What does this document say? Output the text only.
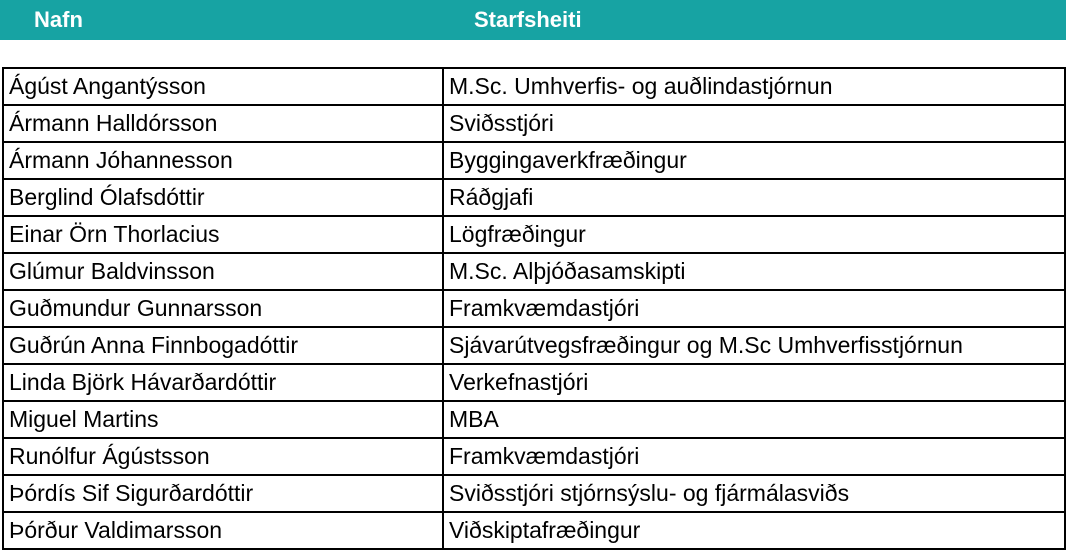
Nafn	Starfsheiti
Ágúst Angantýsson	M.Sc. Umhverfis- og auðlindastjórnun
Ármann Halldórsson	Sviðsstjóri
Ármann Jóhannesson	Byggingaverkfræðingur
Berglind Ólafsdóttir	Ráðgjafi
Einar Örn Thorlacius	Lögfræðingur
Glúmur Baldvinsson	M.Sc. Alþjóðasamskipti
Guðmundur Gunnarsson	Framkvæmdastjóri
Guðrún Anna Finnbogadóttir	Sjávarútvegsfræðingur og M.Sc Umhverfisstjórnun
Linda Björk Hávarðardóttir	Verkefnastjóri
Miguel Martins	MBA
Runólfur Ágústsson	Framkvæmdastjóri
Þórdís Sif Sigurðardóttir	Sviðsstjóri stjórnsýslu- og fjármálasviðs
Þórður Valdimarsson	Viðskiptafræðingur
